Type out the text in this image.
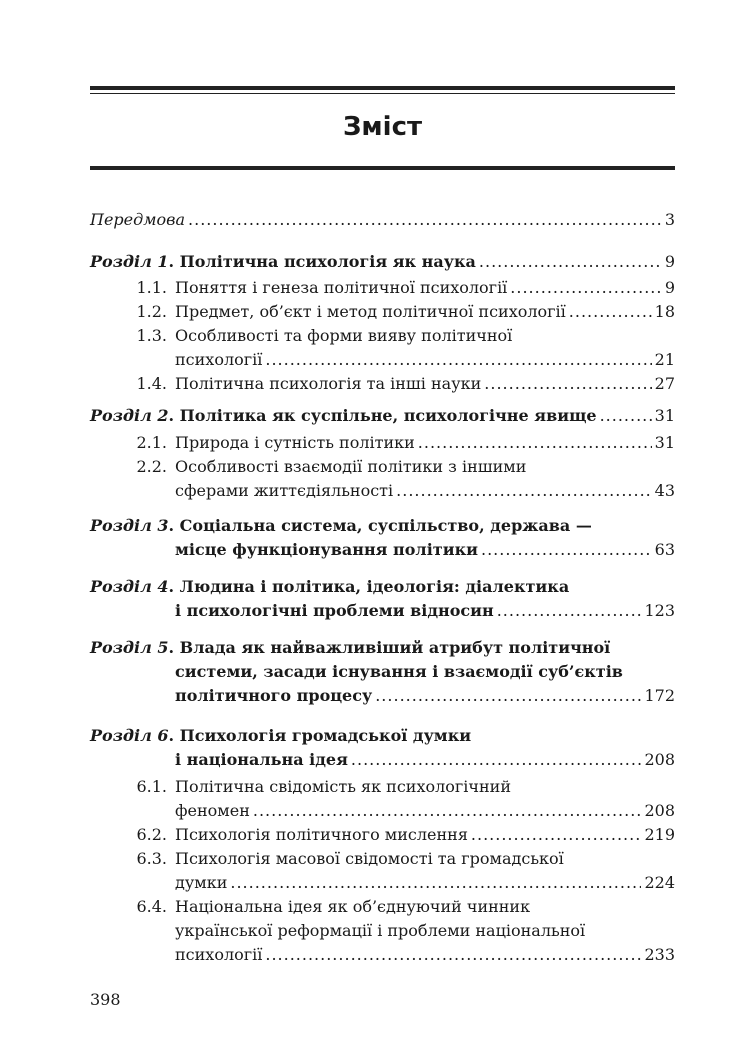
Зміст
Передмова .....	3
Розділ 1 . Політична психологія як наука .....	9
1.1. Поняття і генеза політичної психології .....	9
1.2. Предмет, об’єкт і метод політичної психології .....	18
1.3. Особливості та форми вияву політичної
психології .....	21
1.4. Політична психологія та інші науки .....	27
Розділ 2 . Політика як суспільне, психологічне явище .....	31
2.1. Природа і сутність політики .....	31
2.2. Особливості взаємодії політики з іншими
сферами життєдіяльності .....	43
Розділ 3 . Соціальна система, суспільство, держава —
місце функціонування політики .....	63
Розділ 4 . Людина і політика, ідеологія: діалектика
і психологічні проблеми відносин .....	123
Розділ 5 . Влада як найважливіший атрибут політичної
системи, засади існування і взаємодії суб’єктів
політичного процесу .....	172
Розділ 6 . Психологія громадської думки
і національна ідея .....	208
6.1. Політична свідомість як психологічний
феномен .....	208
6.2. Психологія політичного мислення .....	219
6.3. Психологія масової свідомості та громадської
думки .....	224
6.4. Національна ідея як об’єднуючий чинник
української реформації і проблеми національної
психології .....	233
398
